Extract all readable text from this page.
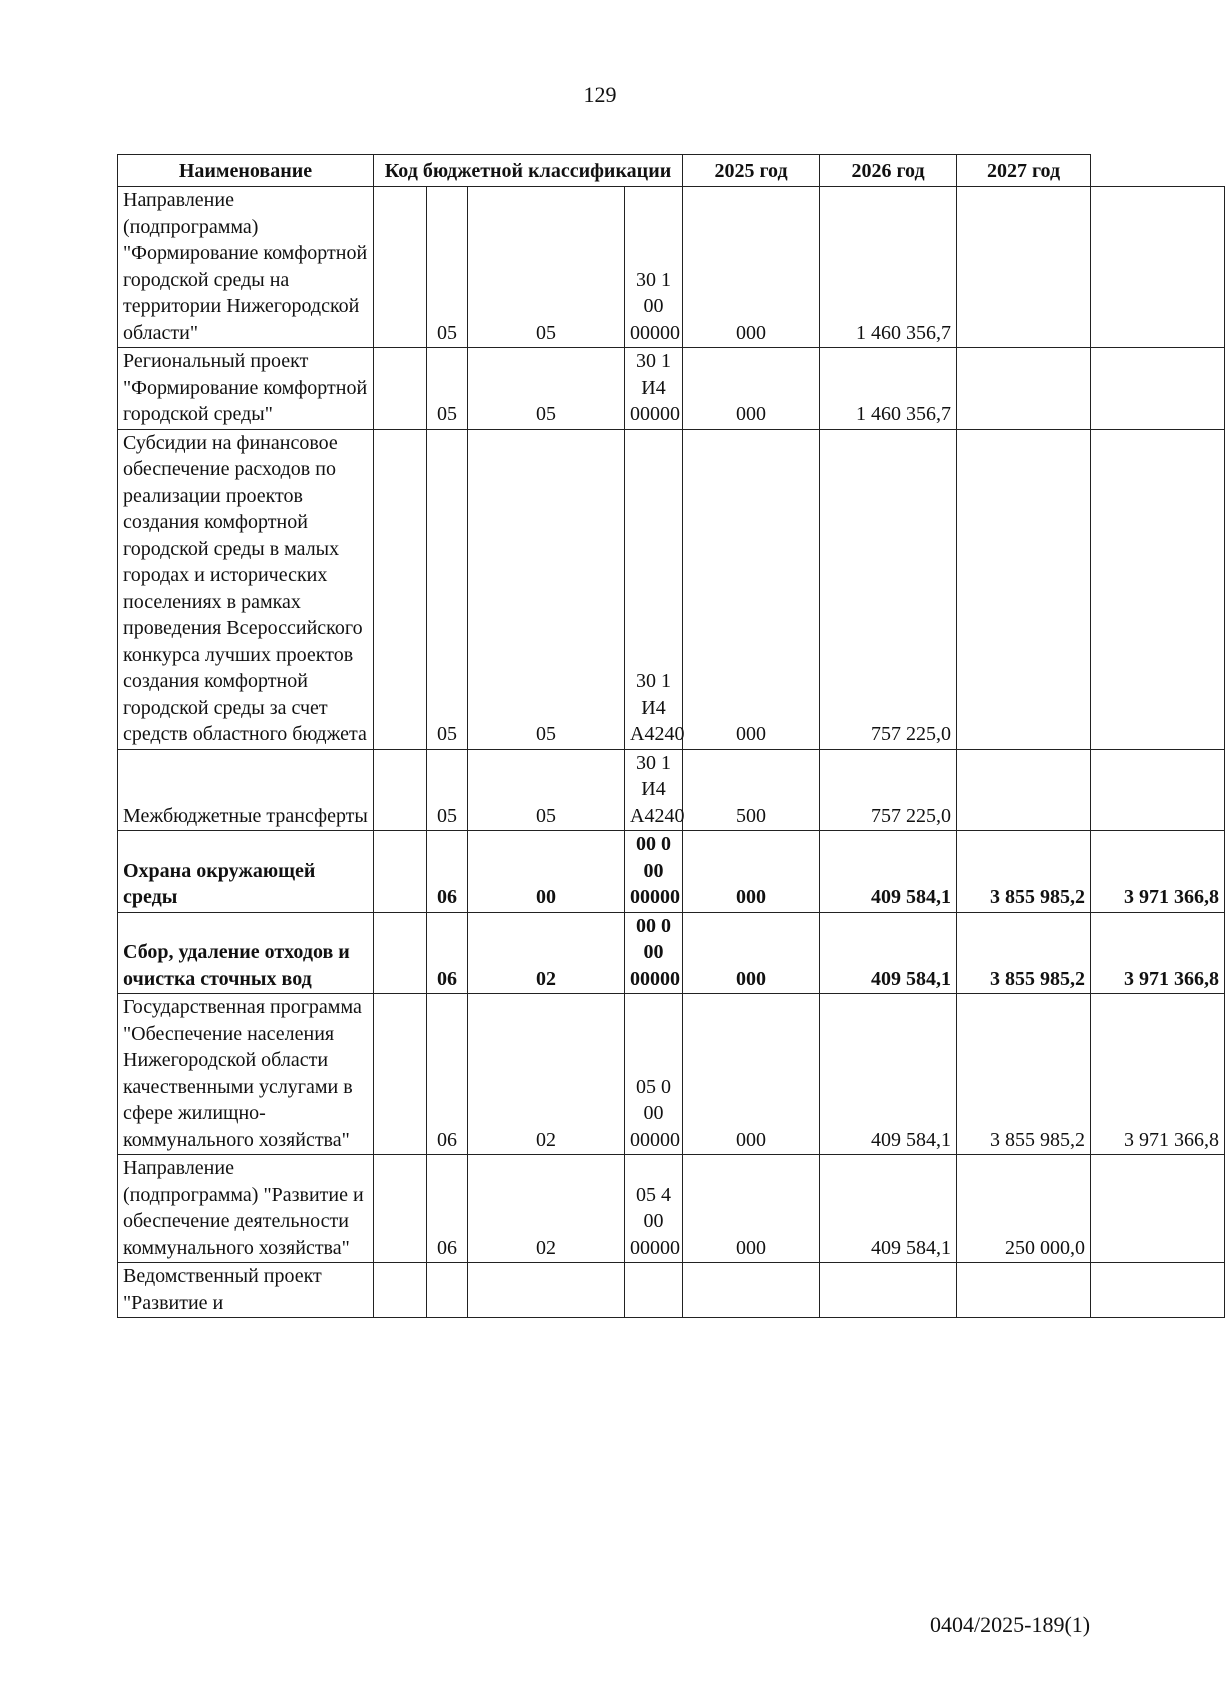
129
Наименование	Код бюджетной классификации				2025 год	2026 год	2027 год	

Направление (подпрограмма) "Формирование комфортной городской среды на территории Нижегородской области"		05	05	30 1 00 00000	000	1 460 356,7		

Региональный проект "Формирование комфортной городской среды"		05	05	30 1 И4 00000	000	1 460 356,7		

Субсидии на финансовое обеспечение расходов по реализации проектов создания комфортной городской среды в малых городах и исторических поселениях в рамках проведения Всероссийского конкурса лучших проектов создания комфортной городской среды за счет средств областного бюджета		05	05	30 1 И4 А4240	000	757 225,0		

Межбюджетные трансферты		05	05	30 1 И4 А4240	500	757 225,0		

Охрана окружающей среды		06	00	00 0 00 00000	000	409 584,1	3 855 985,2	3 971 366,8

Сбор, удаление отходов и очистка сточных вод		06	02	00 0 00 00000	000	409 584,1	3 855 985,2	3 971 366,8

Государственная программа "Обеспечение населения Нижегородской области качественными услугами в сфере жилищно-коммунального хозяйства"		06	02	05 0 00 00000	000	409 584,1	3 855 985,2	3 971 366,8

Направление (подпрограмма) "Развитие и обеспечение деятельности коммунального хозяйства"		06	02	05 4 00 00000	000	409 584,1	250 000,0	

Ведомственный проект "Развитие и								

0404/2025-189(1)
